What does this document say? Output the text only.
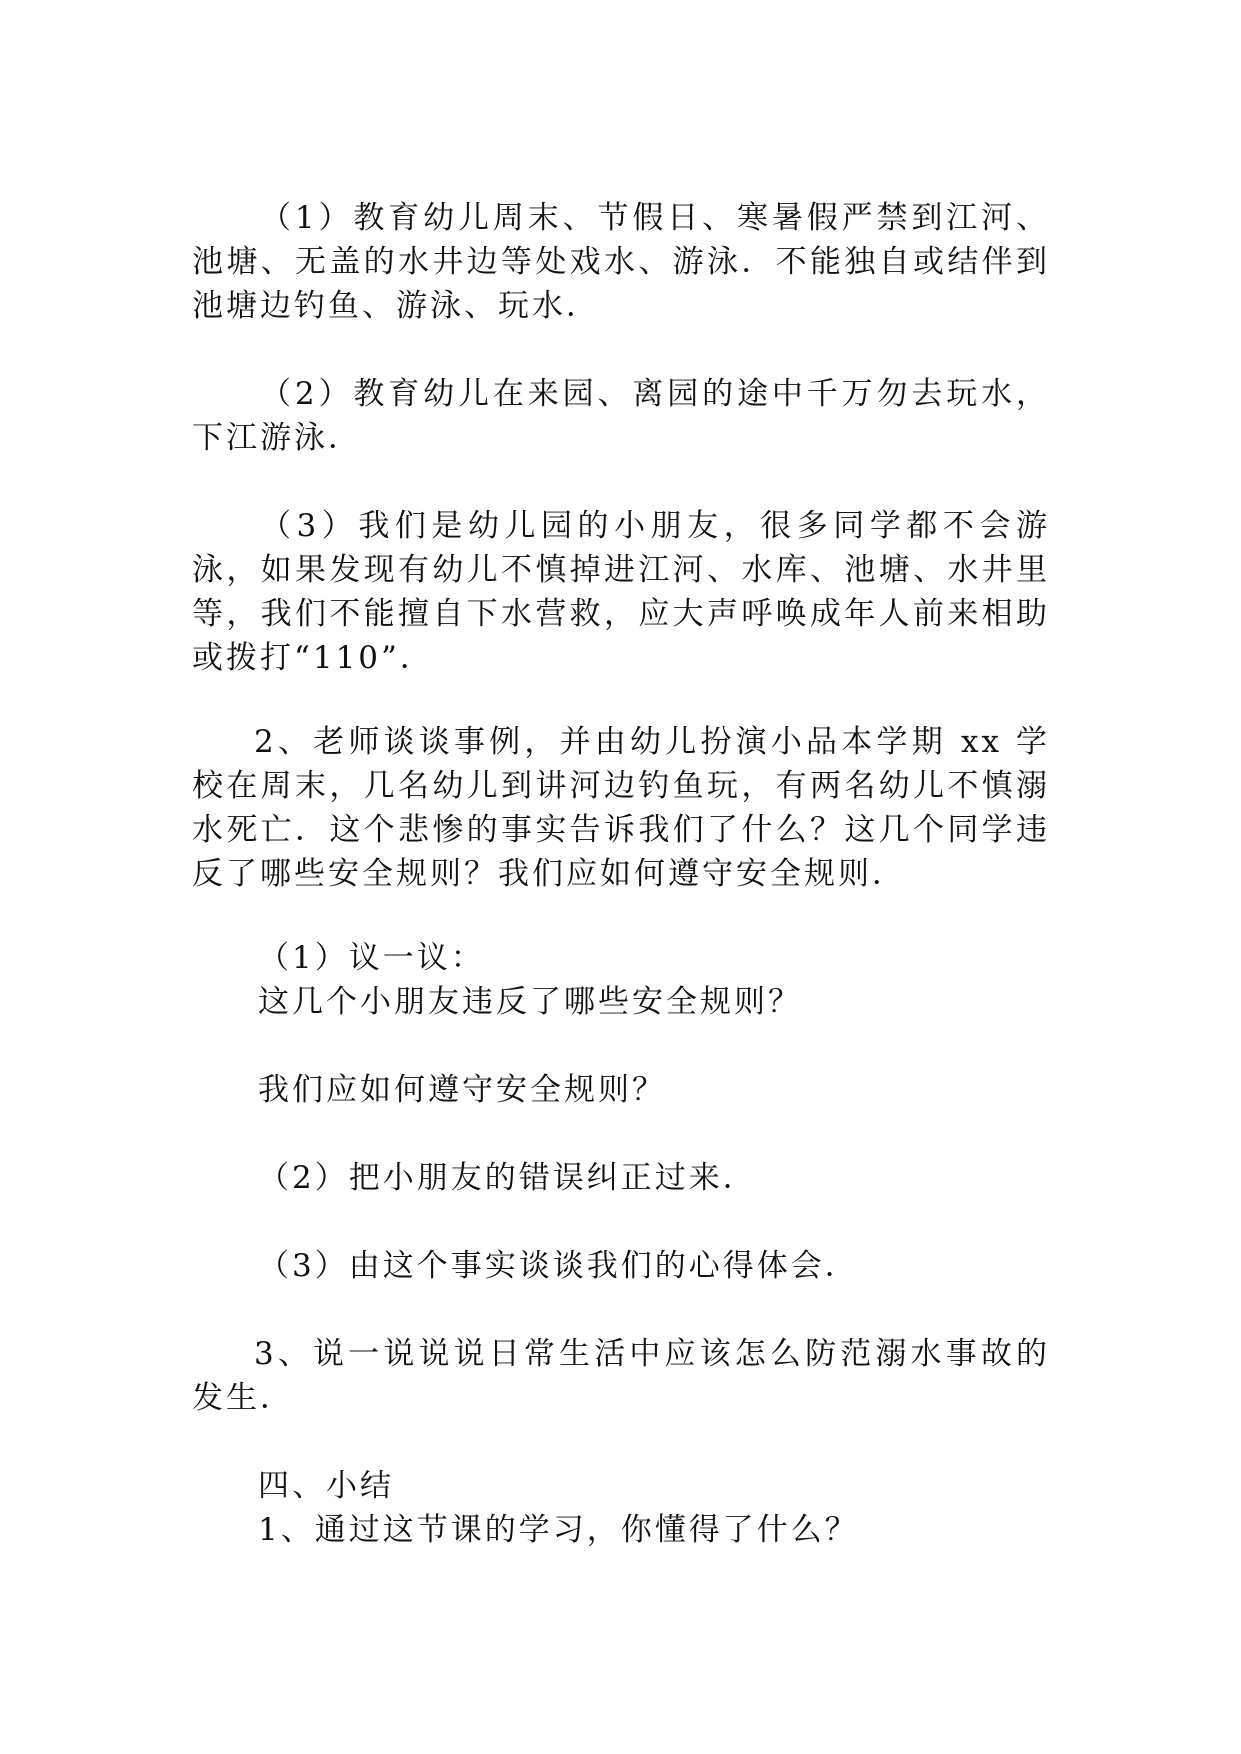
（1）教育幼儿周末、节假日、寒暑假严禁到江河、池塘、无盖的水井边等处戏水、游泳．不能独自或结伴到池塘边钓鱼、游泳、玩水．

（2）教育幼儿在来园、离园的途中千万勿去玩水，下江游泳．

（3）我们是幼儿园的小朋友，很多同学都不会游泳，如果发现有幼儿不慎掉进江河、水库、池塘、水井里等，我们不能擅自下水营救，应大声呼唤成年人前来相助或拨打“110”．

2、老师谈谈事例，并由幼儿扮演小品本学期 xx 学校在周末，几名幼儿到讲河边钓鱼玩，有两名幼儿不慎溺水死亡．这个悲惨的事实告诉我们了什么？这几个同学违反了哪些安全规则？我们应如何遵守安全规则．

（1）议一议：

这几个小朋友违反了哪些安全规则？

我们应如何遵守安全规则？

（2）把小朋友的错误纠正过来．

（3）由这个事实谈谈我们的心得体会．

3、说一说说说日常生活中应该怎么防范溺水事故的发生．

四、小结

1、通过这节课的学习，你懂得了什么？
